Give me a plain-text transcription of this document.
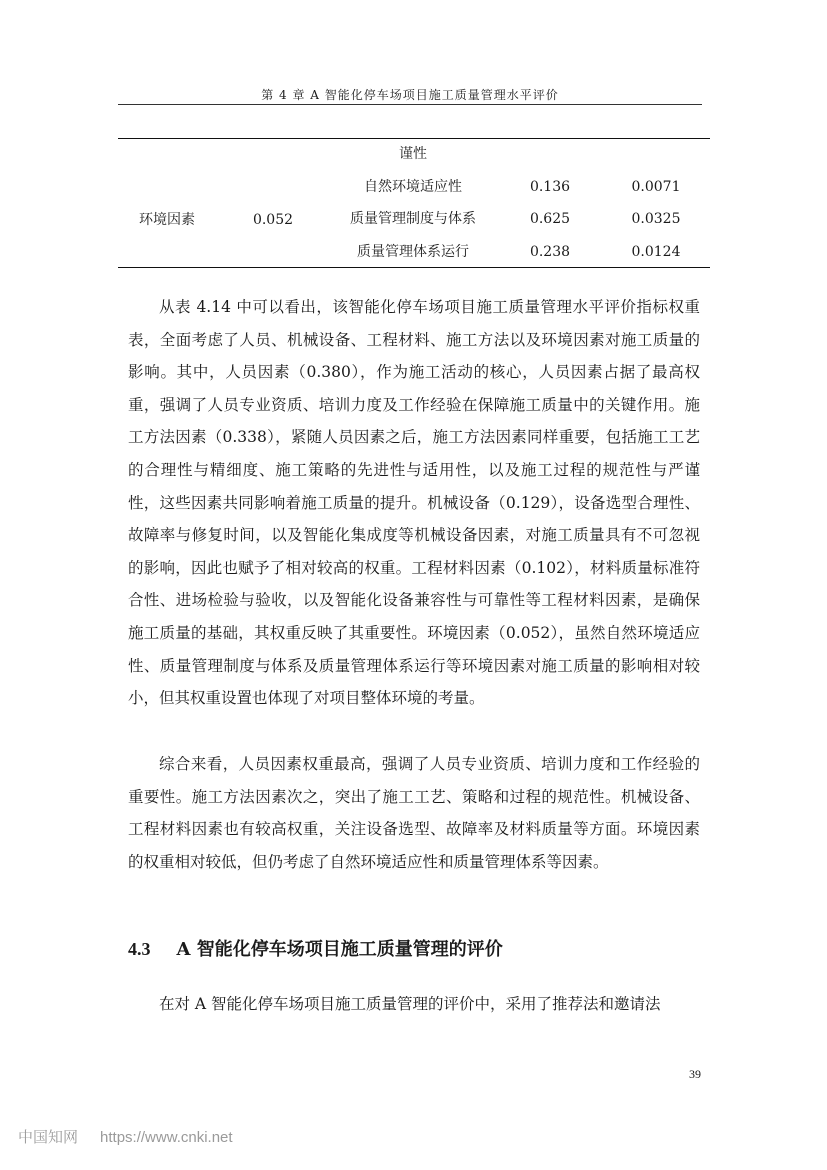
第 4 章 A 智能化停车场项目施工质量管理水平评价
谨性
环境因素	0.052
自然环境适应性	0.136	0.0071
质量管理制度与体系	0.625	0.0325
质量管理体系运行	0.238	0.0124

从表 4.14 中可以看出，该智能化停车场项目施工质量管理水平评价指标权重表，全面考虑了人员、机械设备、工程材料、施工方法以及环境因素对施工质量的影响。其中，人员因素（0.380），作为施工活动的核心，人员因素占据了最高权重，强调了人员专业资质、培训力度及工作经验在保障施工质量中的关键作用。施工方法因素（0.338），紧随人员因素之后，施工方法因素同样重要，包括施工工艺的合理性与精细度、施工策略的先进性与适用性，以及施工过程的规范性与严谨性，这些因素共同影响着施工质量的提升。机械设备（0.129），设备选型合理性、故障率与修复时间，以及智能化集成度等机械设备因素，对施工质量具有不可忽视的影响，因此也赋予了相对较高的权重。工程材料因素（0.102），材料质量标准符合性、进场检验与验收，以及智能化设备兼容性与可靠性等工程材料因素，是确保施工质量的基础，其权重反映了其重要性。环境因素（0.052），虽然自然环境适应性、质量管理制度与体系及质量管理体系运行等环境因素对施工质量的影响相对较小，但其权重设置也体现了对项目整体环境的考量。

综合来看，人员因素权重最高，强调了人员专业资质、培训力度和工作经验的重要性。施工方法因素次之，突出了施工工艺、策略和过程的规范性。机械设备、工程材料因素也有较高权重，关注设备选型、故障率及材料质量等方面。环境因素的权重相对较低，但仍考虑了自然环境适应性和质量管理体系等因素。

4.3 A 智能化停车场项目施工质量管理的评价

在对 A 智能化停车场项目施工质量管理的评价中，采用了推荐法和邀请法

39
中国知网 https://www.cnki.net
